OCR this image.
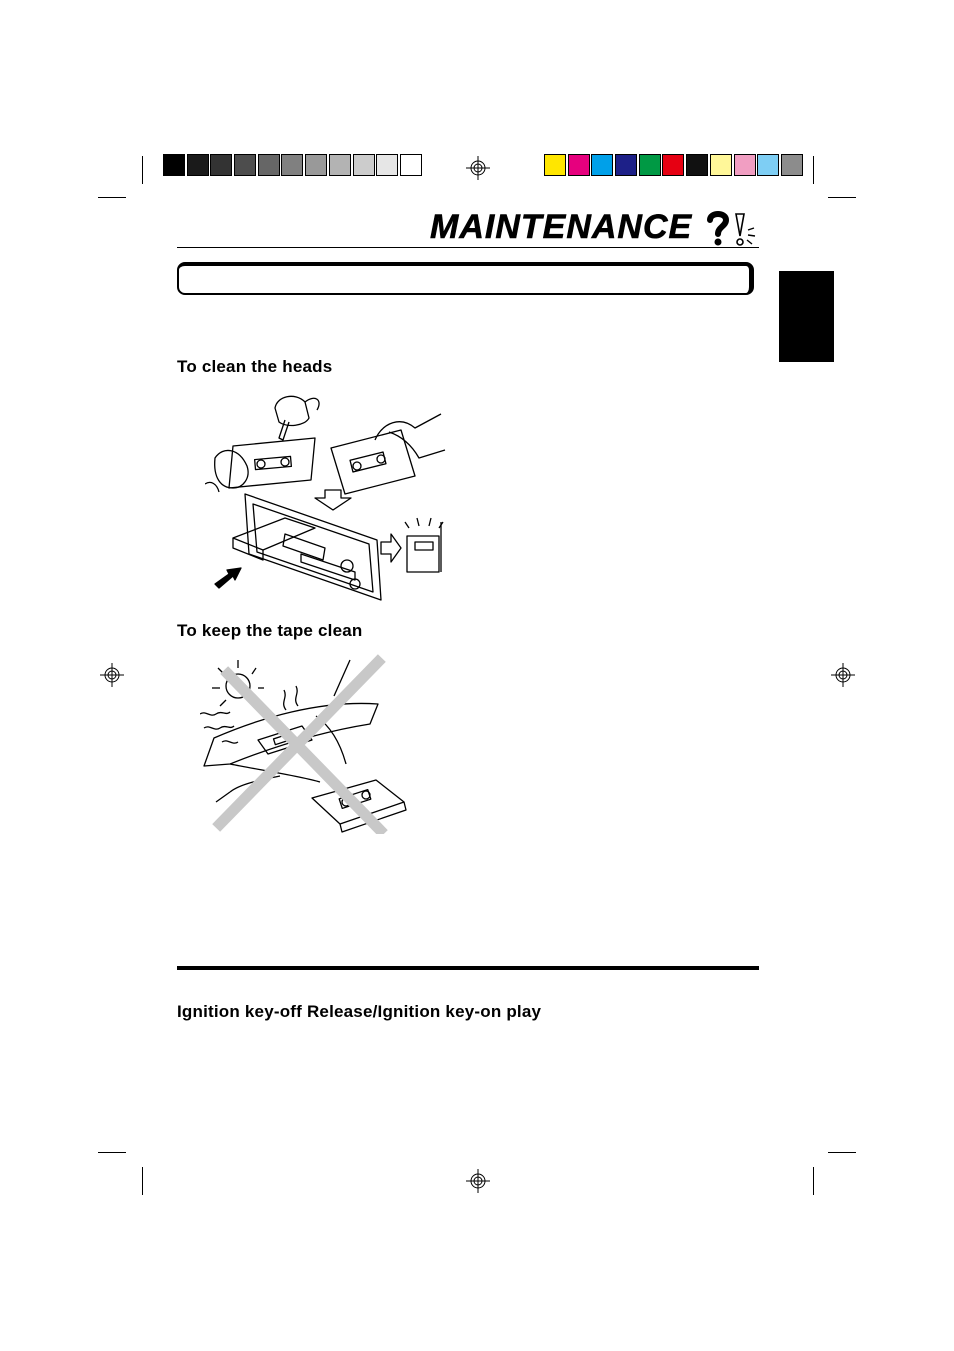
MAINTENANCE
To clean the heads
To keep the tape clean
Ignition key-off Release/Ignition key-on play
